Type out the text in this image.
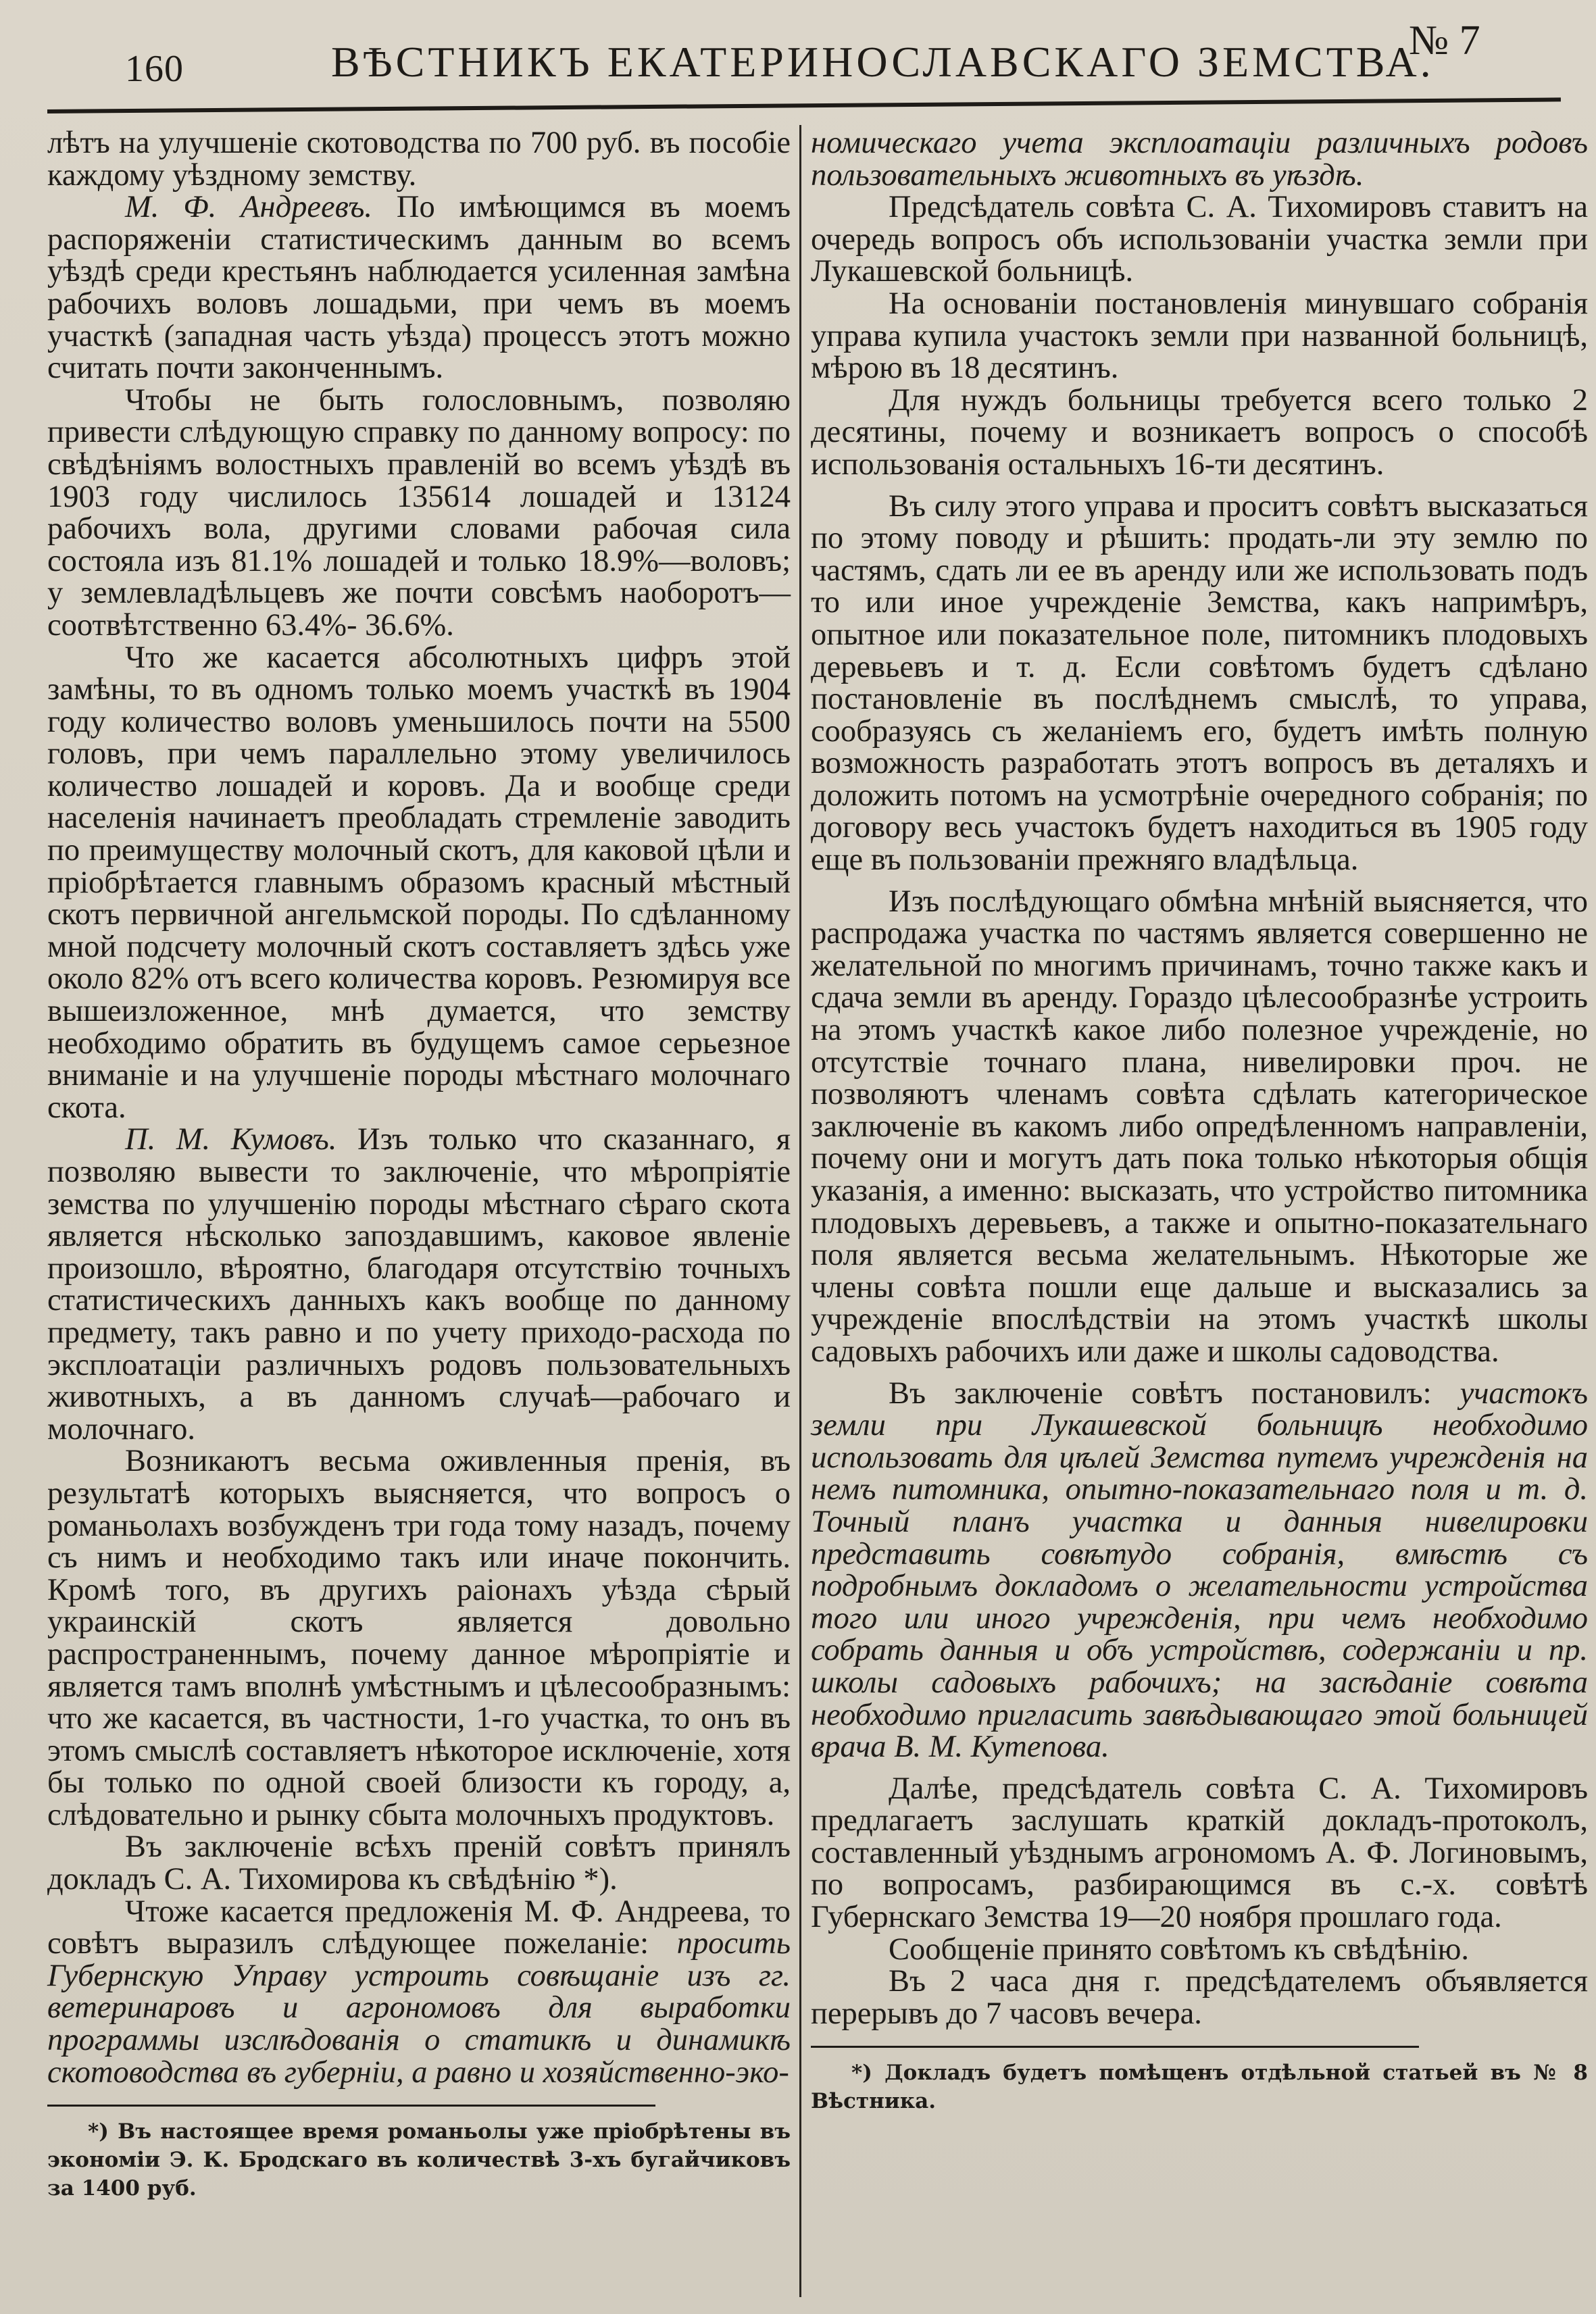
160	ВѢСТНИКЪ ЕКАТЕРИНОСЛАВСКАГО ЗЕМСТВА.
№ 7

лѣтъ на улучшеніе скотоводства по 700 руб. въ пособіе каждому уѣздному земству.

М. Ф. Андреевъ. По имѣющимся въ моемъ распоряженіи статистическимъ данным во всемъ уѣздѣ среди крестьянъ наблюдается усиленная замѣна рабочихъ воловъ лошадьми, при чемъ въ моемъ участкѣ (западная часть уѣзда) процессъ этотъ можно считать почти законченнымъ.

Чтобы не быть голословнымъ, позволяю привести слѣдующую справку по данному вопросу: по свѣдѣніямъ волостныхъ правленій во всемъ уѣздѣ въ 1903 году числилось 135614 лошадей и 13124 рабочихъ вола, другими словами рабочая сила состояла изъ 81.1% лошадей и только 18.9%—воловъ; у землевладѣльцевъ же почти совсѣмъ наоборотъ—соотвѣтственно 63.4%- 36.6%.

Что же касается абсолютныхъ цифръ этой замѣны, то въ одномъ только моемъ участкѣ въ 1904 году количество воловъ уменьшилось почти на 5500 головъ, при чемъ параллельно этому увеличилось количество лошадей и коровъ. Да и вообще среди населенія начинаетъ преобладать стремленіе заводить по преимуществу молочный скотъ, для каковой цѣли и пріобрѣтается главнымъ образомъ красный мѣстный скотъ первичной ангельмской породы. По сдѣланному мной подсчету молочный скотъ составляетъ здѣсь уже около 82% отъ всего количества коровъ. Резюмируя все вышеизложенное, мнѣ думается, что земству необходимо обратить въ будущемъ самое серьезное вниманіе и на улучшеніе породы мѣстнаго молочнаго скота.

П. М. Кумовъ. Изъ только что сказаннаго, я позволяю вывести то заключеніе, что мѣропріятіе земства по улучшенію породы мѣстнаго сѣраго скота является нѣсколько запоздавшимъ, каковое явленіе произошло, вѣроятно, благодаря отсутствію точныхъ статистическихъ данныхъ какъ вообще по данному предмету, такъ равно и по учету приходо-расхода по эксплоатаціи различныхъ родовъ пользовательныхъ животныхъ, а въ данномъ случаѣ—рабочаго и молочнаго.

Возникаютъ весьма оживленныя пренія, въ результатѣ которыхъ выясняется, что вопросъ о романьолахъ возбужденъ три года тому назадъ, почему съ нимъ и необходимо такъ или иначе покончить. Кромѣ того, въ другихъ раіонахъ уѣзда сѣрый украинскій скотъ является довольно распространеннымъ, почему данное мѣропріятіе и является тамъ вполнѣ умѣстнымъ и цѣлесообразнымъ: что же касается, въ частности, 1-го участка, то онъ въ этомъ смыслѣ составляетъ нѣкоторое исключеніе, хотя бы только по одной своей близости къ городу, а, слѣдовательно и рынку сбыта молочныхъ продуктовъ.

Въ заключеніе всѣхъ преній совѣтъ принялъ докладъ С. А. Тихомирова къ свѣдѣнію *).

Чтоже касается предложенія М. Ф. Андреева, то совѣтъ выразилъ слѣдующее пожеланіе: просить Губернскую Управу устроить совѣщаніе изъ гг. ветеринаровъ и агрономовъ для выработки программы изслѣдованія о статикѣ и динамикѣ скотоводства въ губерніи, а равно и хозяйственно-эко-

*) Въ настоящее время романьолы уже пріобрѣтены въ экономіи Э. К. Бродскаго въ количествѣ 3-хъ бугайчиковъ за 1400 руб.

номическаго учета эксплоатаціи различныхъ родовъ пользовательныхъ животныхъ въ уѣздѣ.

Предсѣдатель совѣта С. А. Тихомировъ ставитъ на очередь вопросъ объ использованіи участка земли при Лукашевской больницѣ.

На основаніи постановленія минувшаго собранія управа купила участокъ земли при названной больницѣ, мѣрою въ 18 десятинъ.

Для нуждъ больницы требуется всего только 2 десятины, почему и возникаетъ вопросъ о способѣ использованія остальныхъ 16-ти десятинъ.

Въ силу этого управа и проситъ совѣтъ высказаться по этому поводу и рѣшить: продать-ли эту землю по частямъ, сдать ли ее въ аренду или же использовать подъ то или иное учрежденіе Земства, какъ напримѣръ, опытное или показательное поле, питомникъ плодовыхъ деревьевъ и т. д. Если совѣтомъ будетъ сдѣлано постановленіе въ послѣднемъ смыслѣ, то управа, сообразуясь съ желаніемъ его, будетъ имѣть полную возможность разработать этотъ вопросъ въ деталяхъ и доложить потомъ на усмотрѣніе очередного собранія; по договору весь участокъ будетъ находиться въ 1905 году еще въ пользованіи прежняго владѣльца.

Изъ послѣдующаго обмѣна мнѣній выясняется, что распродажа участка по частямъ является совершенно не желательной по многимъ причинамъ, точно также какъ и сдача земли въ аренду. Гораздо цѣлесообразнѣе устроить на этомъ участкѣ какое либо полезное учрежденіе, но отсутствіе точнаго плана, нивелировки проч. не позволяютъ членамъ совѣта сдѣлать категорическое заключеніе въ какомъ либо опредѣленномъ направленіи, почему они и могутъ дать пока только нѣкоторыя общія указанія, а именно: высказать, что устройство питомника плодовыхъ деревьевъ, а также и опытно-показательнаго поля является весьма желательнымъ. Нѣкоторые же члены совѣта пошли еще дальше и высказались за учрежденіе впослѣдствіи на этомъ участкѣ школы садовыхъ рабочихъ или даже и школы садоводства.

Въ заключеніе совѣтъ постановилъ: участокъ земли при Лукашевской больницѣ необходимо использовать для цѣлей Земства путемъ учрежденія на немъ питомника, опытно-показательнаго поля и т. д. Точный планъ участка и данныя нивелировки представить совѣтудо собранія, вмѣстѣ съ подробнымъ докладомъ о желательности устройства того или иного учрежденія, при чемъ необходимо собрать данныя и объ устройствѣ, содержаніи и пр. школы садовыхъ рабочихъ; на засѣданіе совѣта необходимо пригласить завѣдывающаго этой больницей врача В. М. Кутепова.

Далѣе, предсѣдатель совѣта С. А. Тихомировъ предлагаетъ заслушать краткій докладъ-протоколъ, составленный уѣзднымъ агрономомъ А. Ф. Логиновымъ, по вопросамъ, разбирающимся въ с.-х. совѣтѣ Губернскаго Земства 19—20 ноября прошлаго года.

Сообщеніе принято совѣтомъ къ свѣдѣнію.

Въ 2 часа дня г. предсѣдателемъ объявляется перерывъ до 7 часовъ вечера.

*) Докладъ будетъ помѣщенъ отдѣльной статьей въ № 8 Вѣстника.
